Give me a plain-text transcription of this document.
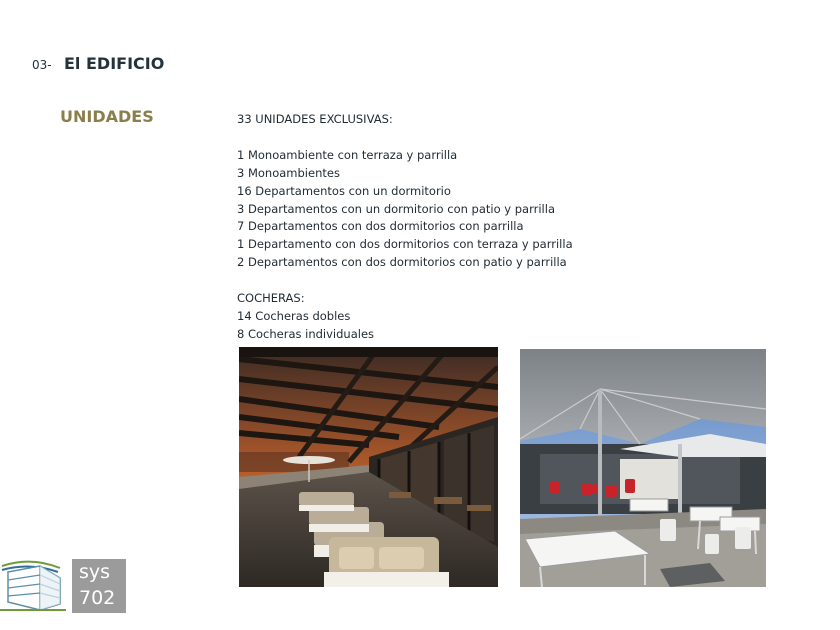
03- El EDIFICIO
UNIDADES	33 UNIDADES EXCLUSIVAS:
1 Monoambiente con terraza y parrilla
3 Monoambientes
16 Departamentos con un dormitorio
3 Departamentos con un dormitorio con patio y parrilla
7 Departamentos con dos dormitorios con parrilla
1 Departamento con dos dormitorios con terraza y parrilla
2 Departamentos con dos dormitorios con patio y parrilla
COCHERAS:
14 Cocheras dobles
8 Cocheras individuales
sys
702
